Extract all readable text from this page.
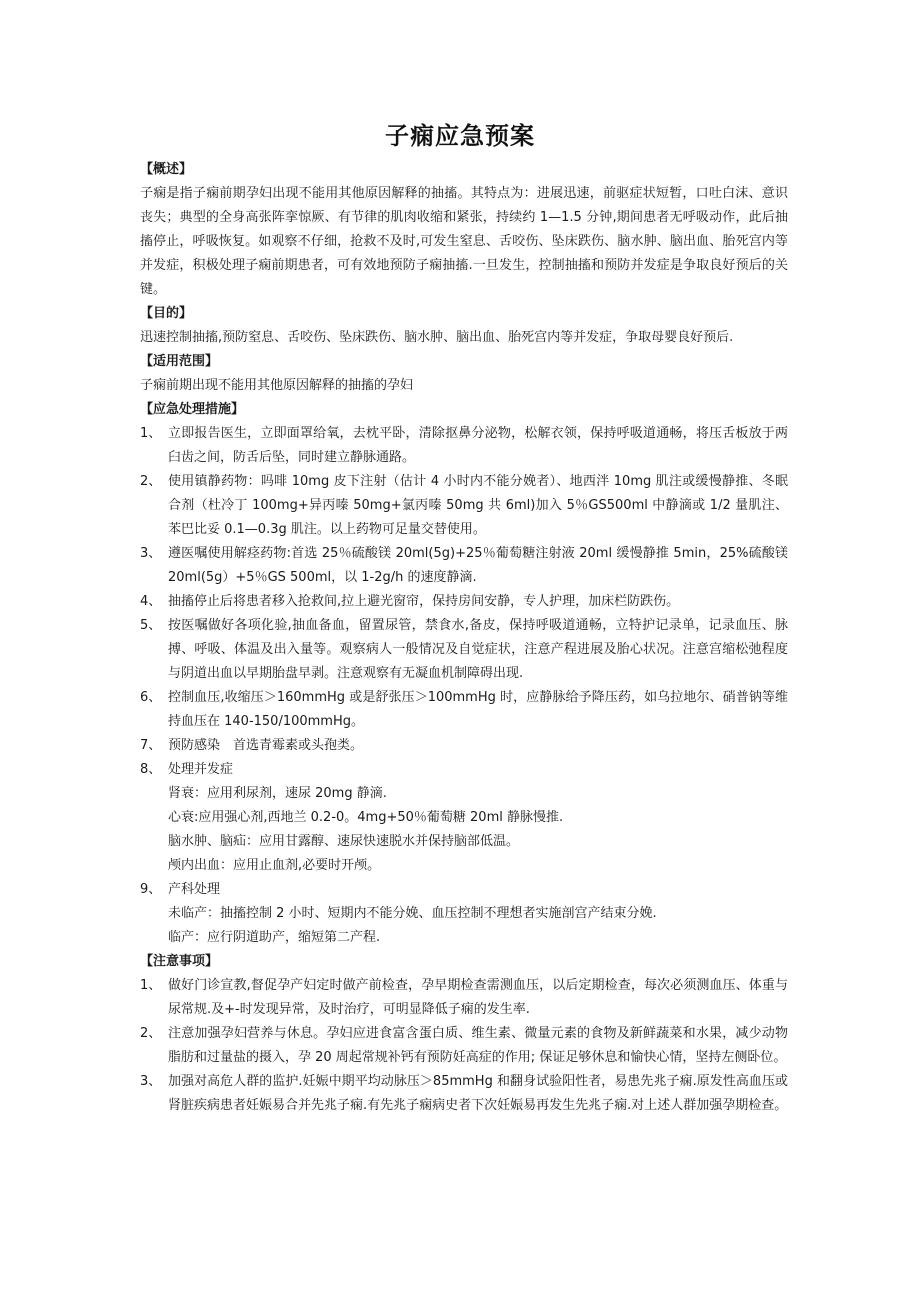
子痫应急预案
【概述】
子痫是指子痫前期孕妇出现不能用其他原因解释的抽搐。其特点为：进展迅速，前驱症状短暂，口吐白沫、意识丧失；典型的全身高张阵挛惊厥、有节律的肌肉收缩和紧张，持续约 1—1.5 分钟,期间患者无呼吸动作，此后抽搐停止，呼吸恢复。如观察不仔细，抢救不及时,可发生窒息、舌咬伤、坠床跌伤、脑水肿、脑出血、胎死宫内等并发症，积极处理子痫前期患者，可有效地预防子痫抽搐.一旦发生，控制抽搐和预防并发症是争取良好预后的关键。
【目的】
迅速控制抽搐,预防窒息、舌咬伤、坠床跌伤、脑水肿、脑出血、胎死宫内等并发症，争取母婴良好预后.
【适用范围】
子痫前期出现不能用其他原因解释的抽搐的孕妇
【应急处理措施】
1、 立即报告医生，立即面罩给氧，去枕平卧，清除抠鼻分泌物，松解衣领，保持呼吸道通畅，将压舌板放于两臼齿之间，防舌后坠，同时建立静脉通路。
2、 使用镇静药物：吗啡 10mg 皮下注射（估计 4 小时内不能分娩者）、地西泮 10mg 肌注或缓慢静推、冬眠合剂（杜冷丁 100mg+异丙嗪 50mg+氯丙嗪 50mg 共 6ml)加入 5％GS500ml 中静滴或 1/2 量肌注、苯巴比妥 0.1—0.3g 肌注。以上药物可足量交替使用。
3、 遵医嘱使用解痉药物:首选 25％硫酸镁 20ml(5g)+25％葡萄糖注射液 20ml 缓慢静推 5min，25%硫酸镁 20ml(5g）+5％GS 500ml，以 1-2g/h 的速度静滴.
4、 抽搐停止后将患者移入抢救间,拉上避光窗帘，保持房间安静，专人护理，加床栏防跌伤。
5、 按医嘱做好各项化验,抽血备血，留置尿管，禁食水,备皮，保持呼吸道通畅，立特护记录单，记录血压、脉搏、呼吸、体温及出入量等。观察病人一般情况及自觉症状，注意产程进展及胎心状况。注意宫缩松弛程度与阴道出血以早期胎盘早剥。注意观察有无凝血机制障碍出现.
6、 控制血压,收缩压＞160mmHg 或是舒张压＞100mmHg 时，应静脉给予降压药，如乌拉地尔、硝普钠等维持血压在 140-150/100mmHg。
7、 预防感染　首选青霉素或头孢类。
8、 处理并发症
肾衰：应用利尿剂，速尿 20mg 静滴.
心衰:应用强心剂,西地兰 0.2-0。4mg+50％葡萄糖 20ml 静脉慢推.
脑水肿、脑疝：应用甘露醇、速尿快速脱水并保持脑部低温。
颅内出血：应用止血剂,必要时开颅。
9、 产科处理
未临产：抽搐控制 2 小时、短期内不能分娩、血压控制不理想者实施剖宫产结束分娩.
临产：应行阴道助产，缩短第二产程.
【注意事项】
1、 做好门诊宣教,督促孕产妇定时做产前检查，孕早期检查需测血压，以后定期检查，每次必须测血压、体重与尿常规.及+-时发现异常，及时治疗，可明显降低子痫的发生率.
2、 注意加强孕妇营养与休息。孕妇应进食富含蛋白质、维生素、微量元素的食物及新鲜蔬菜和水果，减少动物脂肪和过量盐的摄入，孕 20 周起常规补钙有预防妊高症的作用; 保证足够休息和愉快心情，坚持左侧卧位。
3、 加强对高危人群的监护.妊娠中期平均动脉压＞85mmHg 和翻身试验阳性者，易患先兆子痫.原发性高血压或肾脏疾病患者妊娠易合并先兆子痫.有先兆子痫病史者下次妊娠易再发生先兆子痫.对上述人群加强孕期检查。
